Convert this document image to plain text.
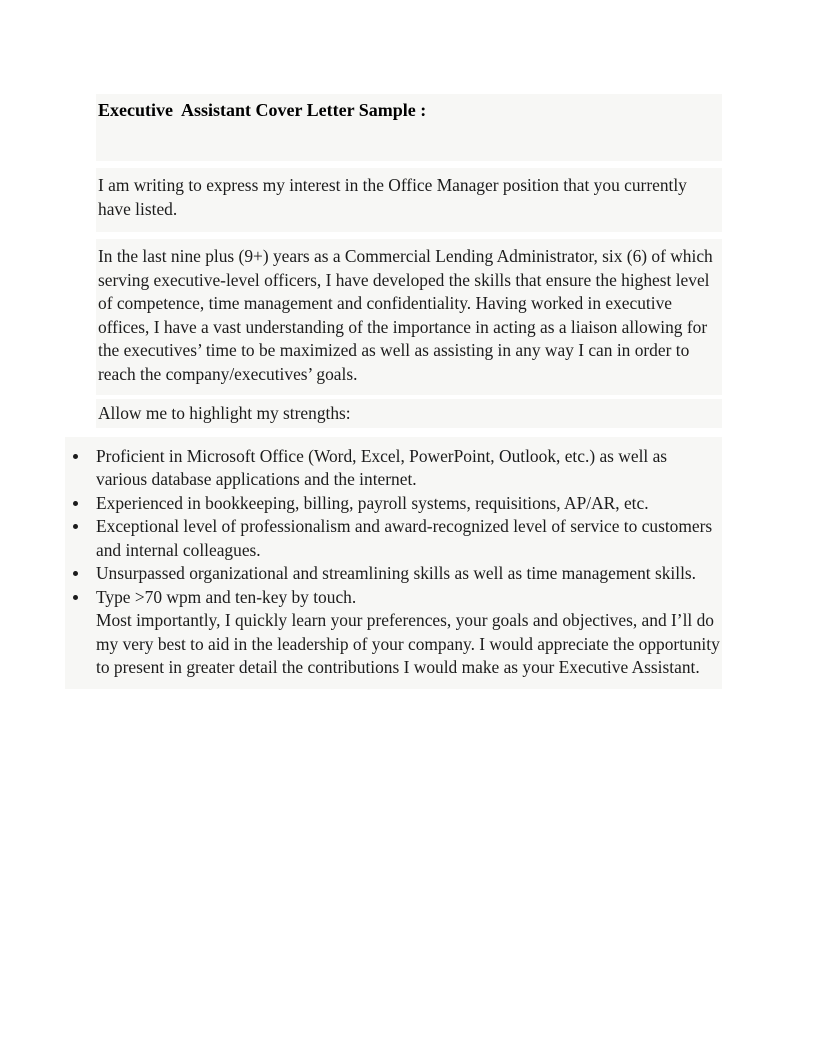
Executive  Assistant Cover Letter Sample :

I am writing to express my interest in the Office Manager position that you currently have listed.

In the last nine plus (9+) years as a Commercial Lending Administrator, six (6) of which serving executive-level officers, I have developed the skills that ensure the highest level of competence, time management and confidentiality. Having worked in executive offices, I have a vast understanding of the importance in acting as a liaison allowing for the executives’ time to be maximized as well as assisting in any way I can in order to reach the company/executives’ goals.

Allow me to highlight my strengths:

Proficient in Microsoft Office (Word, Excel, PowerPoint, Outlook, etc.) as well as various database applications and the internet.
Experienced in bookkeeping, billing, payroll systems, requisitions, AP/AR, etc.
Exceptional level of professionalism and award-recognized level of service to customers and internal colleagues.
Unsurpassed organizational and streamlining skills as well as time management skills.
Type >70 wpm and ten-key by touch.

Most importantly, I quickly learn your preferences, your goals and objectives, and I’ll do my very best to aid in the leadership of your company. I would appreciate the opportunity to present in greater detail the contributions I would make as your Executive Assistant.
